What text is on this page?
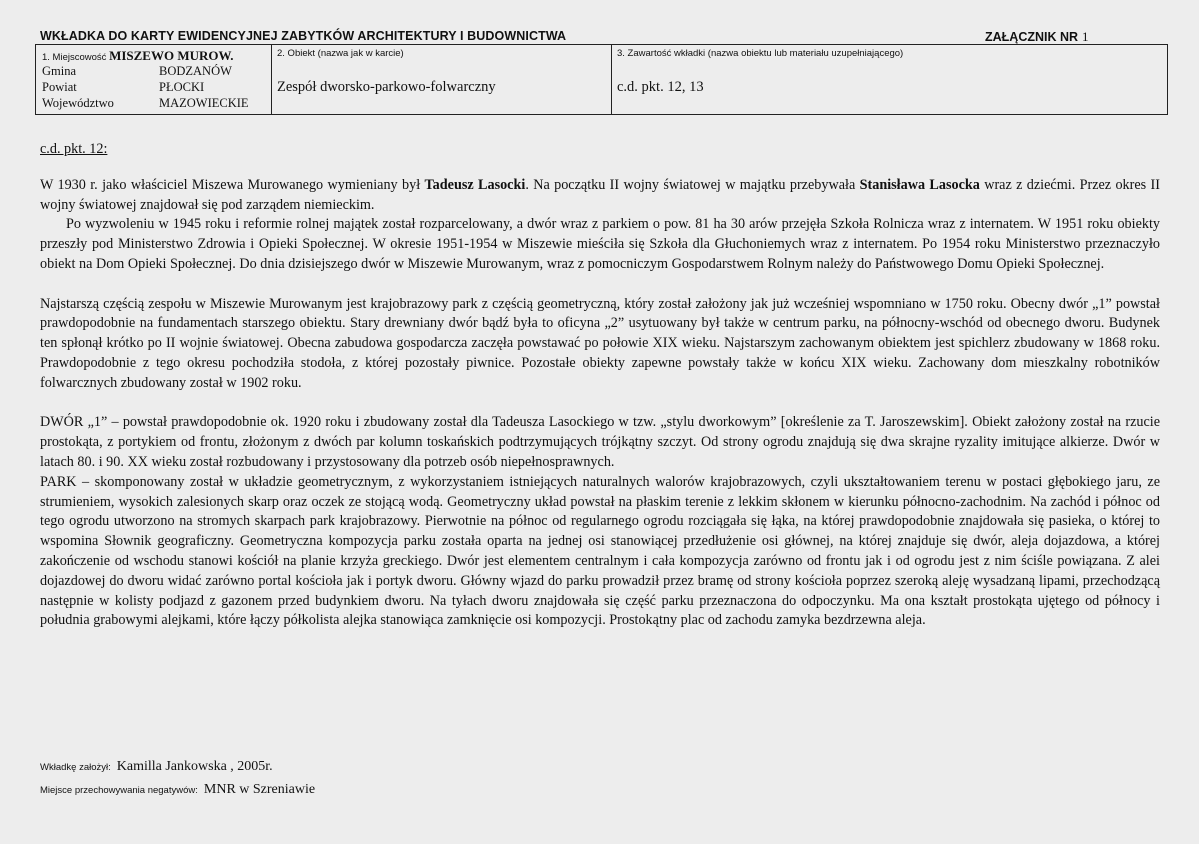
WKŁADKA DO KARTY EWIDENCYJNEJ ZABYTKÓW ARCHITEKTURY I BUDOWNICTWA	ZAŁĄCZNIK NR 1
1. Miejscowość MISZEWO MUROW.
Gmina	BODZANÓW
Powiat	PŁOCKI
Województwo	MAZOWIECKIE
2. Obiekt (nazwa jak w karcie)
Zespół dworsko-parkowo-folwarczny
3. Zawartość wkładki (nazwa obiektu lub materiału uzupełniającego)
c.d. pkt. 12, 13
c.d. pkt. 12:

W 1930 r. jako właściciel Miszewa Murowanego wymieniany był Tadeusz Lasocki. Na początku II wojny światowej w majątku przebywała Stanisława Lasocka wraz z dziećmi. Przez okres II wojny światowej znajdował się pod zarządem niemieckim.

Po wyzwoleniu w 1945 roku i reformie rolnej majątek został rozparcelowany, a dwór wraz z parkiem o pow. 81 ha 30 arów przejęła Szkoła Rolnicza wraz z internatem. W 1951 roku obiekty przeszły pod Ministerstwo Zdrowia i Opieki Społecznej. W okresie 1951-1954 w Miszewie mieściła się Szkoła dla Głuchoniemych wraz z internatem. Po 1954 roku Ministerstwo przeznaczyło obiekt na Dom Opieki Społecznej. Do dnia dzisiejszego dwór w Miszewie Murowanym, wraz z pomocniczym Gospodarstwem Rolnym należy do Państwowego Domu Opieki Społecznej.

Najstarszą częścią zespołu w Miszewie Murowanym jest krajobrazowy park z częścią geometryczną, który został założony jak już wcześniej wspomniano w 1750 roku. Obecny dwór „1” powstał prawdopodobnie na fundamentach starszego obiektu. Stary drewniany dwór bądź była to oficyna „2” usytuowany był także w centrum parku, na północny-wschód od obecnego dworu. Budynek ten spłonął krótko po II wojnie światowej. Obecna zabudowa gospodarcza zaczęła powstawać po połowie XIX wieku. Najstarszym zachowanym obiektem jest spichlerz zbudowany w 1868 roku. Prawdopodobnie z tego okresu pochodziła stodoła, z której pozostały piwnice. Pozostałe obiekty zapewne powstały także w końcu XIX wieku. Zachowany dom mieszkalny robotników folwarcznych zbudowany został w 1902 roku.

DWÓR „1” – powstał prawdopodobnie ok. 1920 roku i zbudowany został dla Tadeusza Lasockiego w tzw. „stylu dworkowym” [określenie za T. Jaroszewskim]. Obiekt założony został na rzucie prostokąta, z portykiem od frontu, złożonym z dwóch par kolumn toskańskich podtrzymujących trójkątny szczyt. Od strony ogrodu znajdują się dwa skrajne ryzality imitujące alkierze. Dwór w latach 80. i 90. XX wieku został rozbudowany i przystosowany dla potrzeb osób niepełnosprawnych.

PARK – skomponowany został w układzie geometrycznym, z wykorzystaniem istniejących naturalnych walorów krajobrazowych, czyli ukształtowaniem terenu w postaci głębokiego jaru, ze strumieniem, wysokich zalesionych skarp oraz oczek ze stojącą wodą. Geometryczny układ powstał na płaskim terenie z lekkim skłonem w kierunku północno-zachodnim. Na zachód i północ od tego ogrodu utworzono na stromych skarpach park krajobrazowy. Pierwotnie na północ od regularnego ogrodu rozciągała się łąka, na której prawdopodobnie znajdowała się pasieka, o której to wspomina Słownik geograficzny. Geometryczna kompozycja parku została oparta na jednej osi stanowiącej przedłużenie osi głównej, na której znajduje się dwór, aleja dojazdowa, a której zakończenie od wschodu stanowi kościół na planie krzyża greckiego. Dwór jest elementem centralnym i cała kompozycja zarówno od frontu jak i od ogrodu jest z nim ściśle powiązana. Z alei dojazdowej do dworu widać zarówno portal kościoła jak i portyk dworu. Główny wjazd do parku prowadził przez bramę od strony kościoła poprzez szeroką aleję wysadzaną lipami, przechodzącą następnie w kolisty podjazd z gazonem przed budynkiem dworu. Na tyłach dworu znajdowała się część parku przeznaczona do odpoczynku. Ma ona kształt prostokąta ujętego od północy i południa grabowymi alejkami, które łączy półkolista alejka stanowiąca zamknięcie osi kompozycji. Prostokątny plac od zachodu zamyka bezdrzewna aleja.

Wkładkę założył: Kamilla Jankowska , 2005r.
Miejsce przechowywania negatywów: MNR w Szreniawie
